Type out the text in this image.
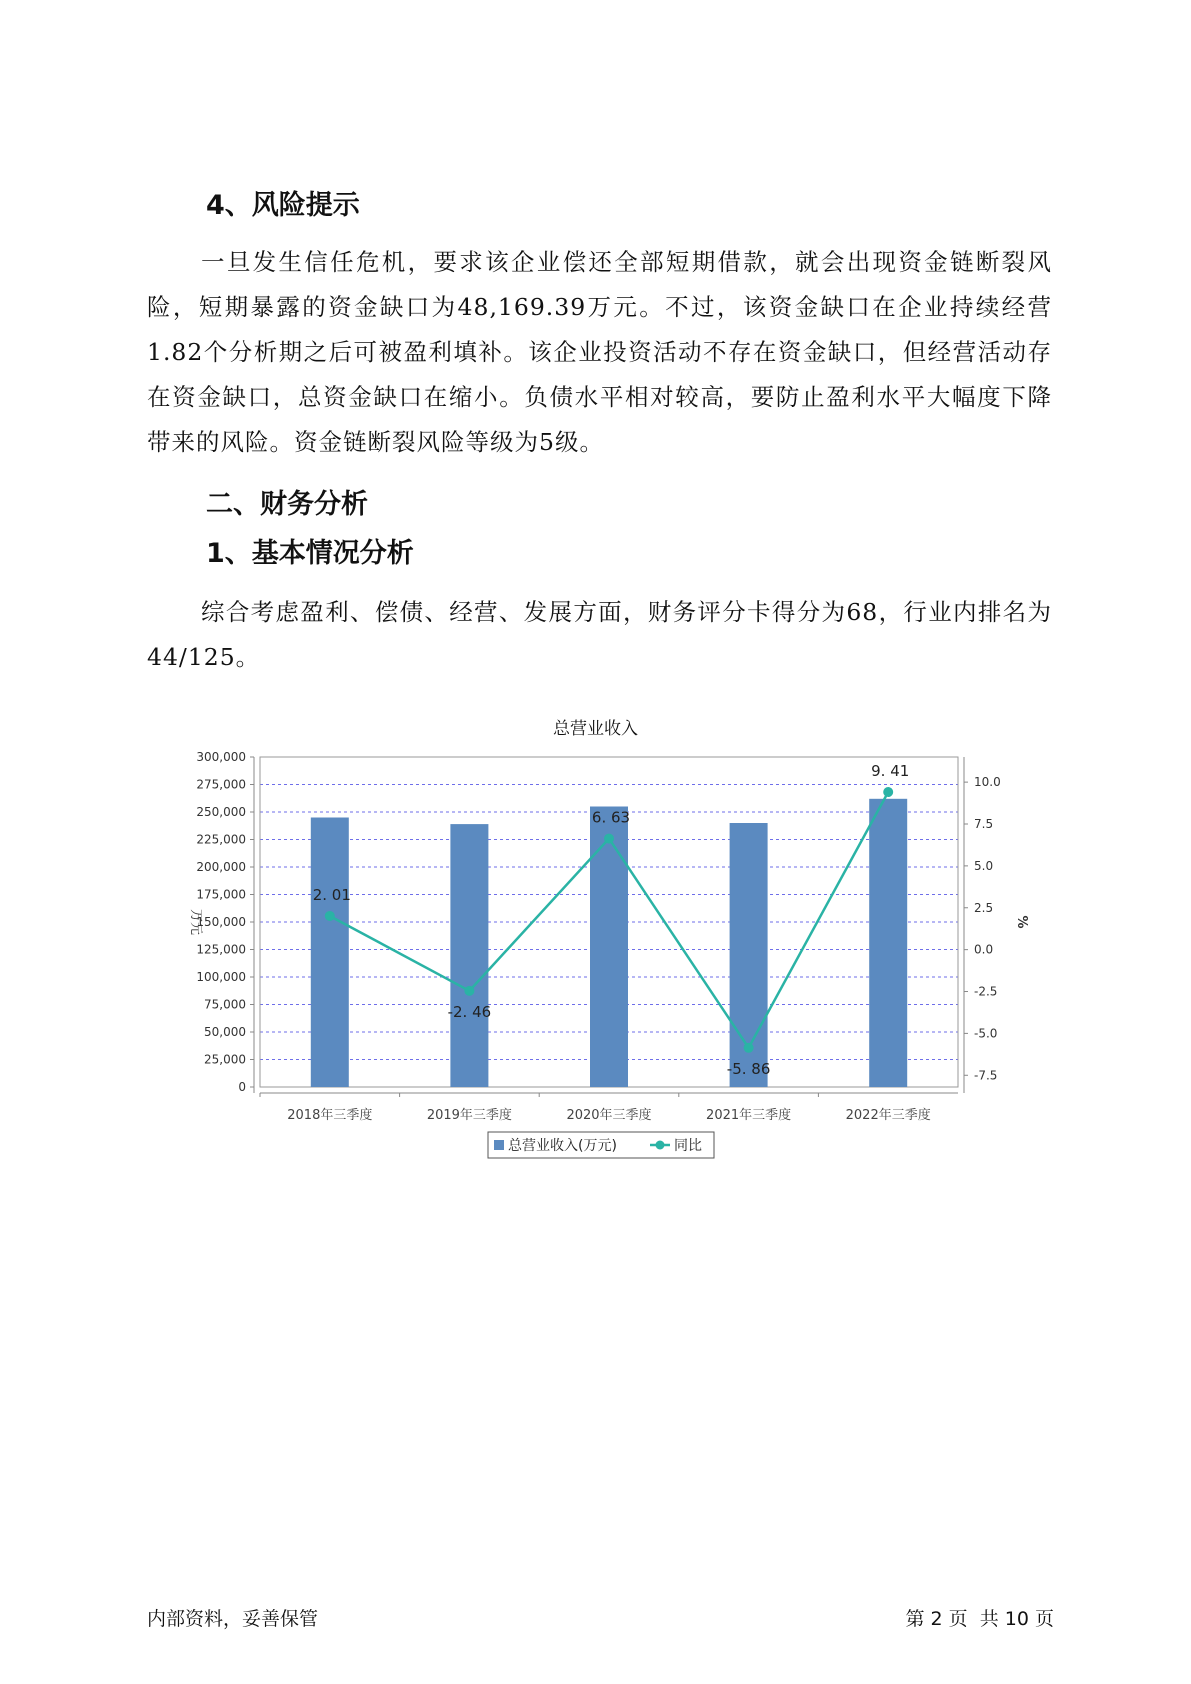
4、风险提示

一旦发生信任危机，要求该企业偿还全部短期借款，就会出现资金链断裂风险，短期暴露的资金缺口为48,169.39万元。不过，该资金缺口在企业持续经营 1.82个分析期之后可被盈利填补。该企业投资活动不存在资金缺口，但经营活动存在资金缺口，总资金缺口在缩小。负债水平相对较高，要防止盈利水平大幅度下降带来的风险。资金链断裂风险等级为5级。

二、财务分析
1、基本情况分析

综合考虑盈利、偿债、经营、发展方面，财务评分卡得分为68，行业内排名为44/125。

总营业收入
0
25,000
50,000
75,000
100,000
125,000
150,000
175,000
200,000
225,000
250,000
275,000
300,000
万元
-7.5
-5.0
-2.5
0.0
2.5
5.0
7.5
10.0
%
2018年三季度	2019年三季度	2020年三季度	2021年三季度	2022年三季度
2. 01
-2. 46
6. 63
-5. 86
9. 41
总营业收入(万元)	同比
内部资料，妥善保管	第 2 页  共 10 页
